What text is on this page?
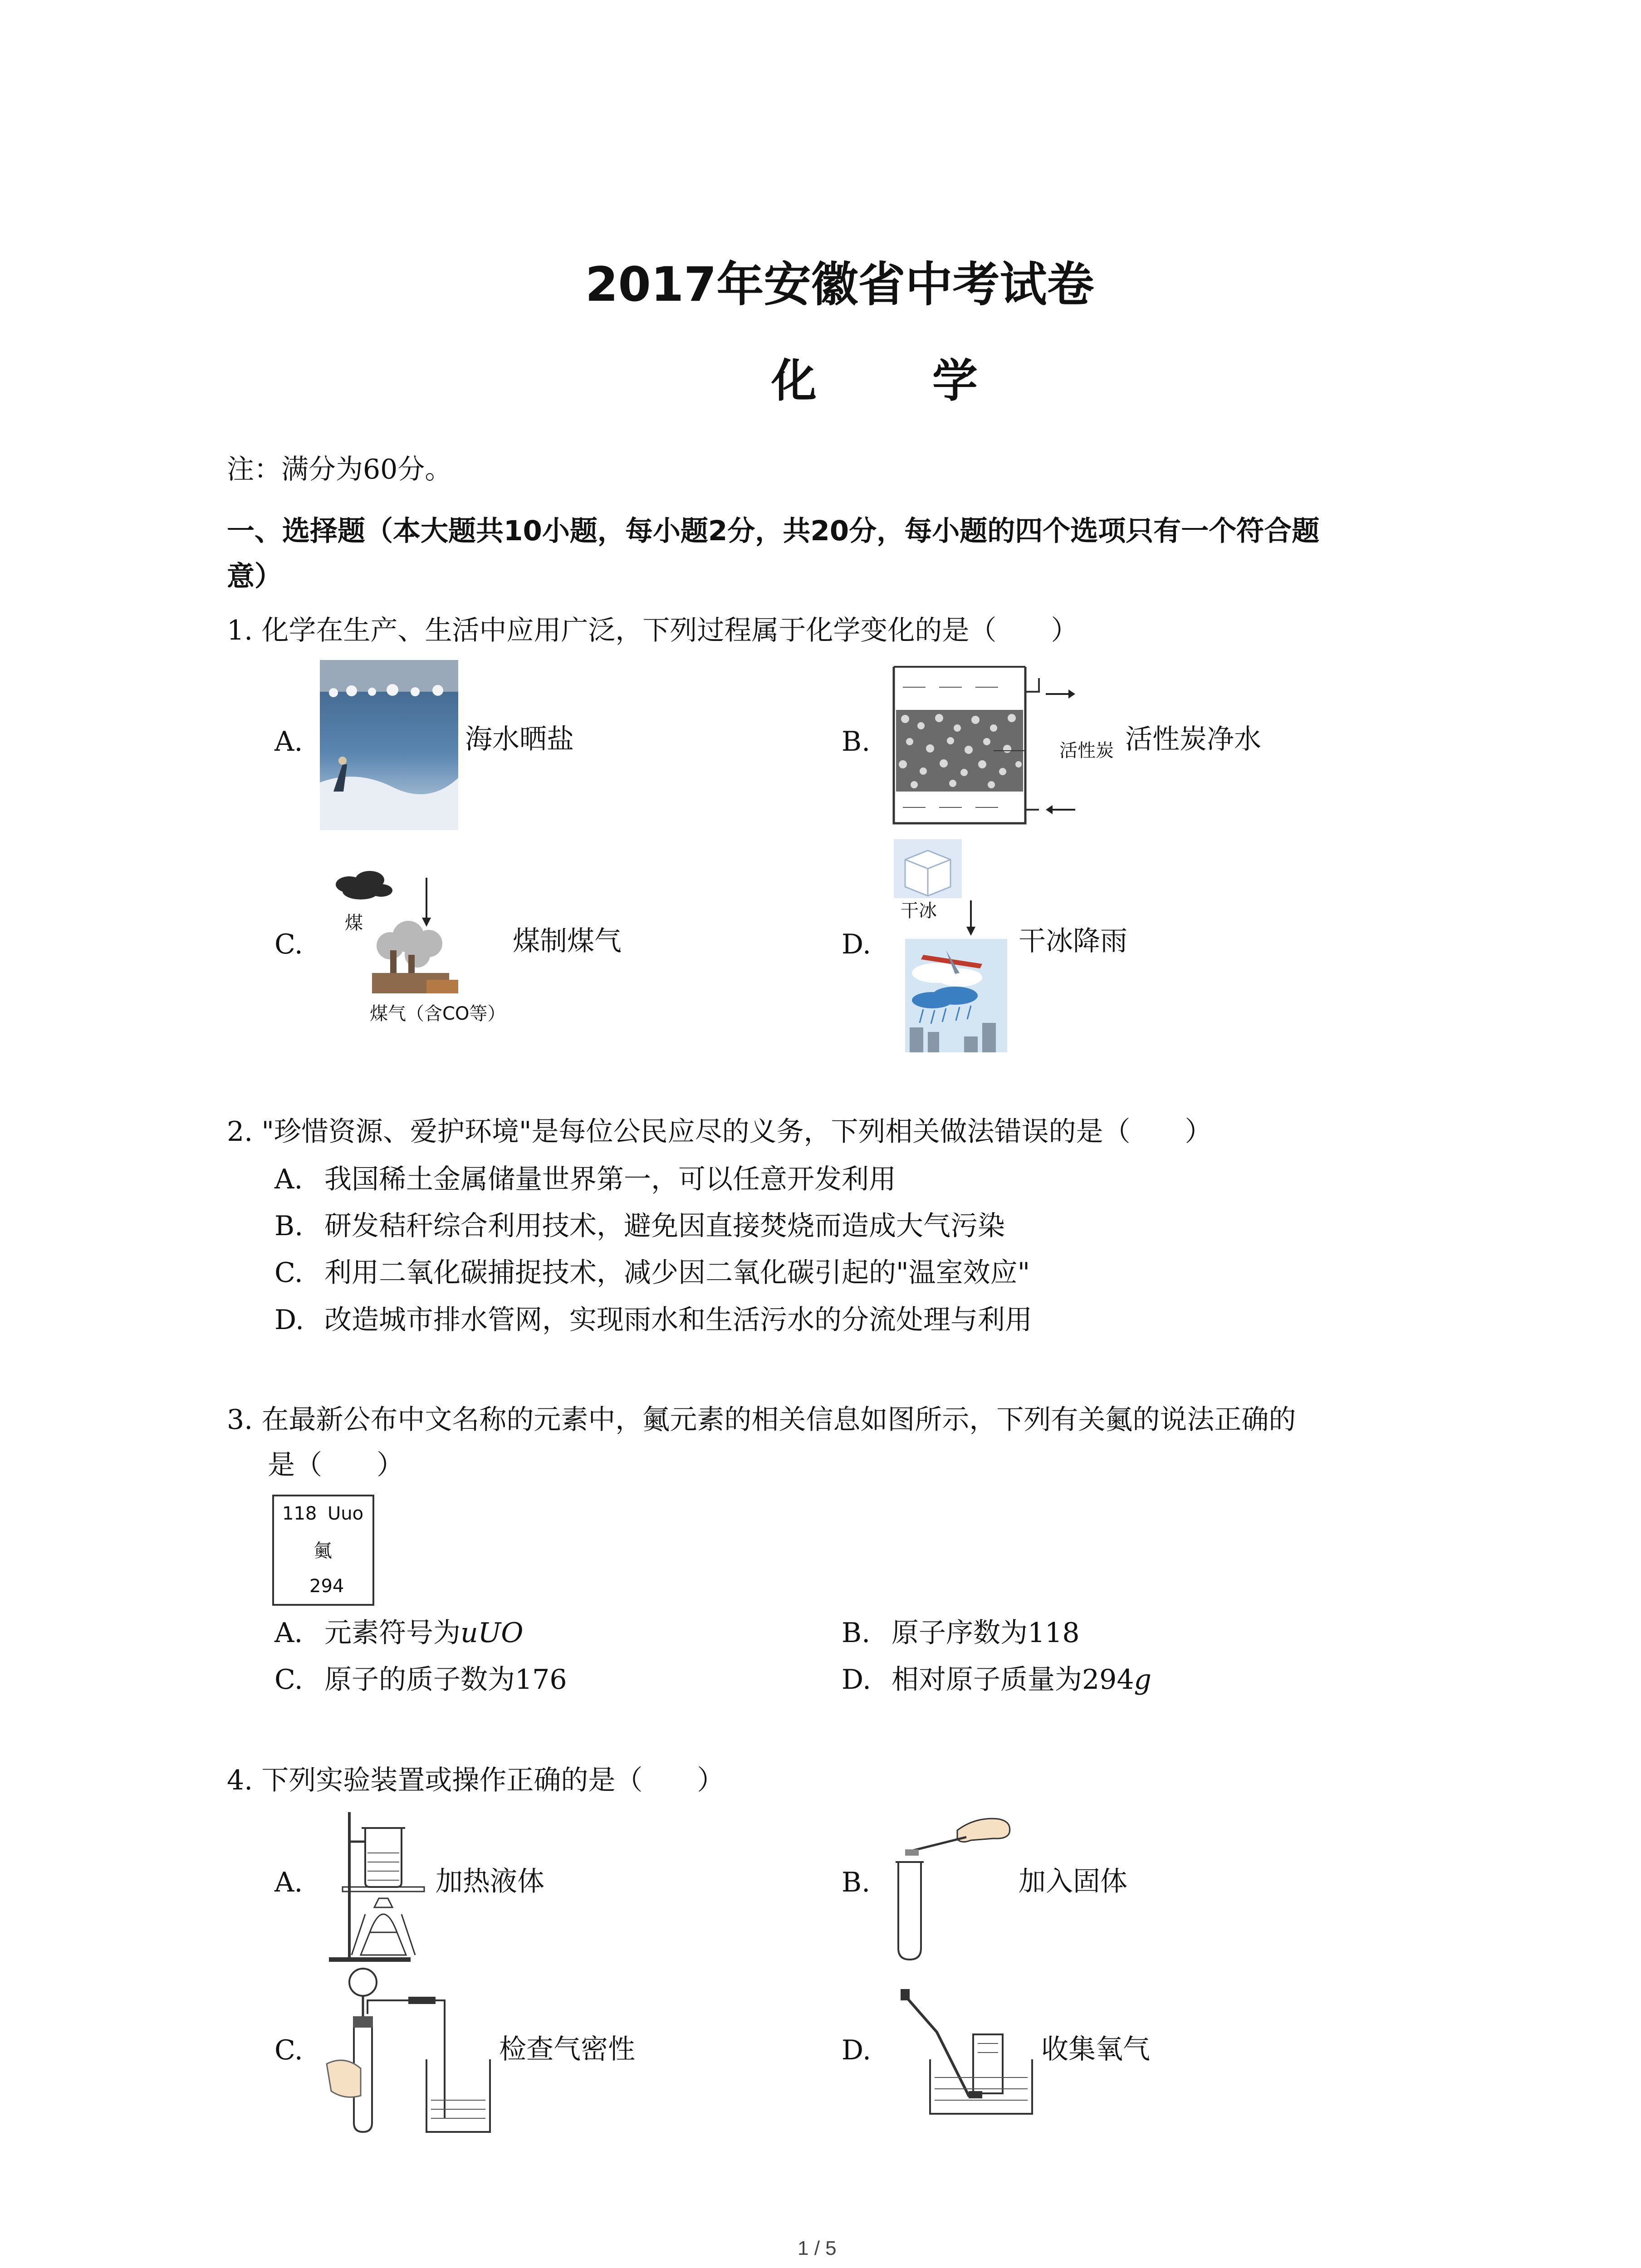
2017年安徽省中考试卷
化 学
注：满分为60分。
一、选择题（本大题共10小题，每小题2分，共20分，每小题的四个选项只有一个符合题
意）
1. 化学在生产、生活中应用广泛，下列过程属于化学变化的是（　　）
A.	海水晒盐	B.	活性炭 活性炭净水
C.
煤
煤气（含CO等）
煤制煤气	D.
干冰
干冰降雨
2. "珍惜资源、爱护环境"是每位公民应尽的义务，下列相关做法错误的是（　　）
A. 我国稀土金属储量世界第一，可以任意开发利用
B. 研发秸秆综合利用技术，避免因直接焚烧而造成大气污染
C. 利用二氧化碳捕捉技术，减少因二氧化碳引起的"温室效应"
D. 改造城市排水管网，实现雨水和生活污水的分流处理与利用
3. 在最新公布中文名称的元素中，鿫元素的相关信息如图所示，下列有关鿫的说法正确的
是（　　）
118 Uuo
鿫
294
A. 元素符号为uUO	B. 原子序数为118
C. 原子的质子数为176	D. 相对原子质量为294g
4. 下列实验装置或操作正确的是（　　）
A.	加热液体	B.	加入固体
C.	检查气密性	D.	收集氧气
1 / 5
